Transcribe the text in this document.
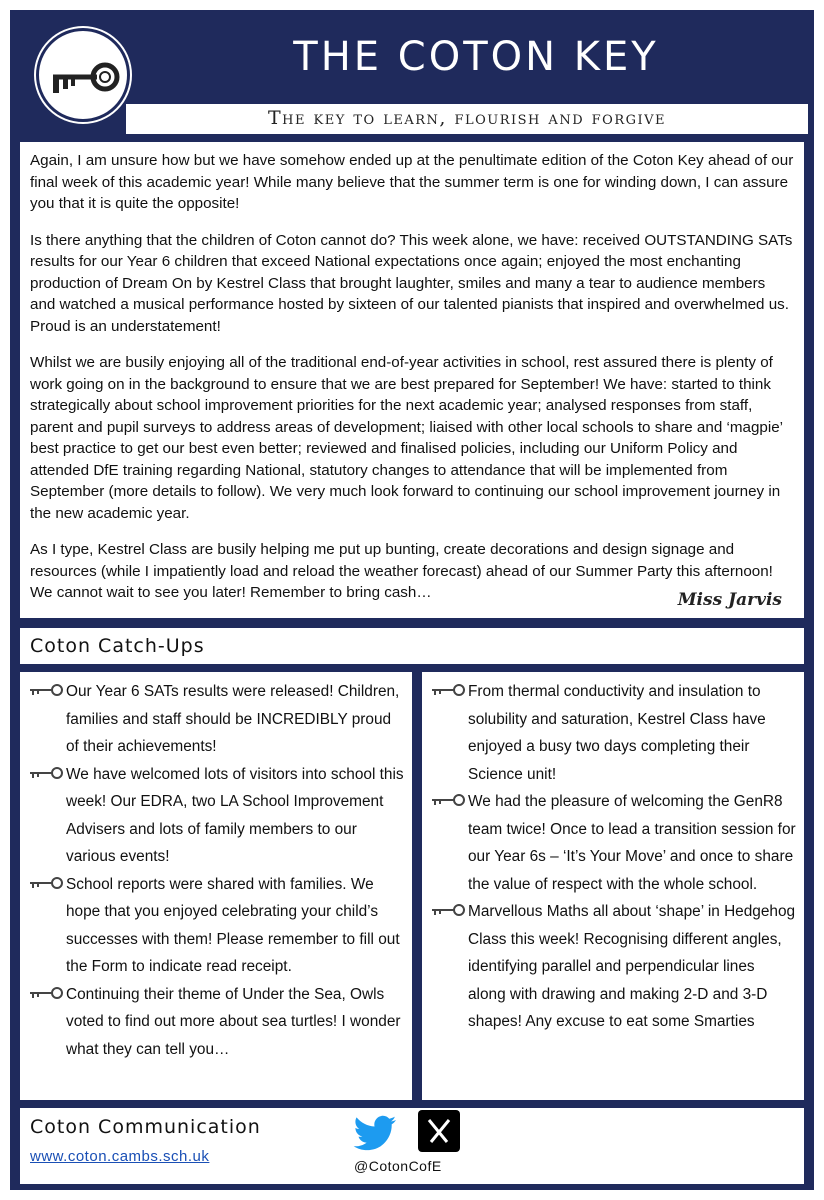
THE COTON KEY
The key to learn, flourish and forgive

Again, I am unsure how but we have somehow ended up at the penultimate edition of the Coton Key ahead of our final week of this academic year! While many believe that the summer term is one for winding down, I can assure you that it is quite the opposite!

Is there anything that the children of Coton cannot do? This week alone, we have: received OUTSTANDING SATs results for our Year 6 children that exceed National expectations once again; enjoyed the most enchanting production of Dream On by Kestrel Class that brought laughter, smiles and many a tear to audience members and watched a musical performance hosted by sixteen of our talented pianists that inspired and overwhelmed us. Proud is an understatement!

Whilst we are busily enjoying all of the traditional end-of-year activities in school, rest assured there is plenty of work going on in the background to ensure that we are best prepared for September! We have: started to think strategically about school improvement priorities for the next academic year; analysed responses from staff, parent and pupil surveys to address areas of development; liaised with other local schools to share and ‘magpie’ best practice to get our best even better; reviewed and finalised policies, including our Uniform Policy and attended DfE training regarding National, statutory changes to attendance that will be implemented from September (more details to follow). We very much look forward to continuing our school improvement journey in the new academic year.

As I type, Kestrel Class are busily helping me put up bunting, create decorations and design signage and resources (while I impatiently load and reload the weather forecast) ahead of our Summer Party this afternoon! We cannot wait to see you later! Remember to bring cash…	Miss Jarvis
Coton Catch-Ups
Our Year 6 SATs results were released! Children, families and staff should be INCREDIBLY proud of their achievements!
We have welcomed lots of visitors into school this week! Our EDRA, two LA School Improvement Advisers and lots of family members to our various events!
School reports were shared with families. We hope that you enjoyed celebrating your child’s successes with them! Please remember to fill out the Form to indicate read receipt.
Continuing their theme of Under the Sea, Owls voted to find out more about sea turtles! I wonder what they can tell you…
From thermal conductivity and insulation to solubility and saturation, Kestrel Class have enjoyed a busy two days completing their Science unit!
We had the pleasure of welcoming the GenR8 team twice! Once to lead a transition session for our Year 6s – ‘It’s Your Move’ and once to share the value of respect with the whole school.
Marvellous Maths all about ‘shape’ in Hedgehog Class this week! Recognising different angles, identifying parallel and perpendicular lines along with drawing and making 2-D and 3-D shapes! Any excuse to eat some Smarties
Coton Communication
www.coton.cambs.sch.uk
@CotonCofE
